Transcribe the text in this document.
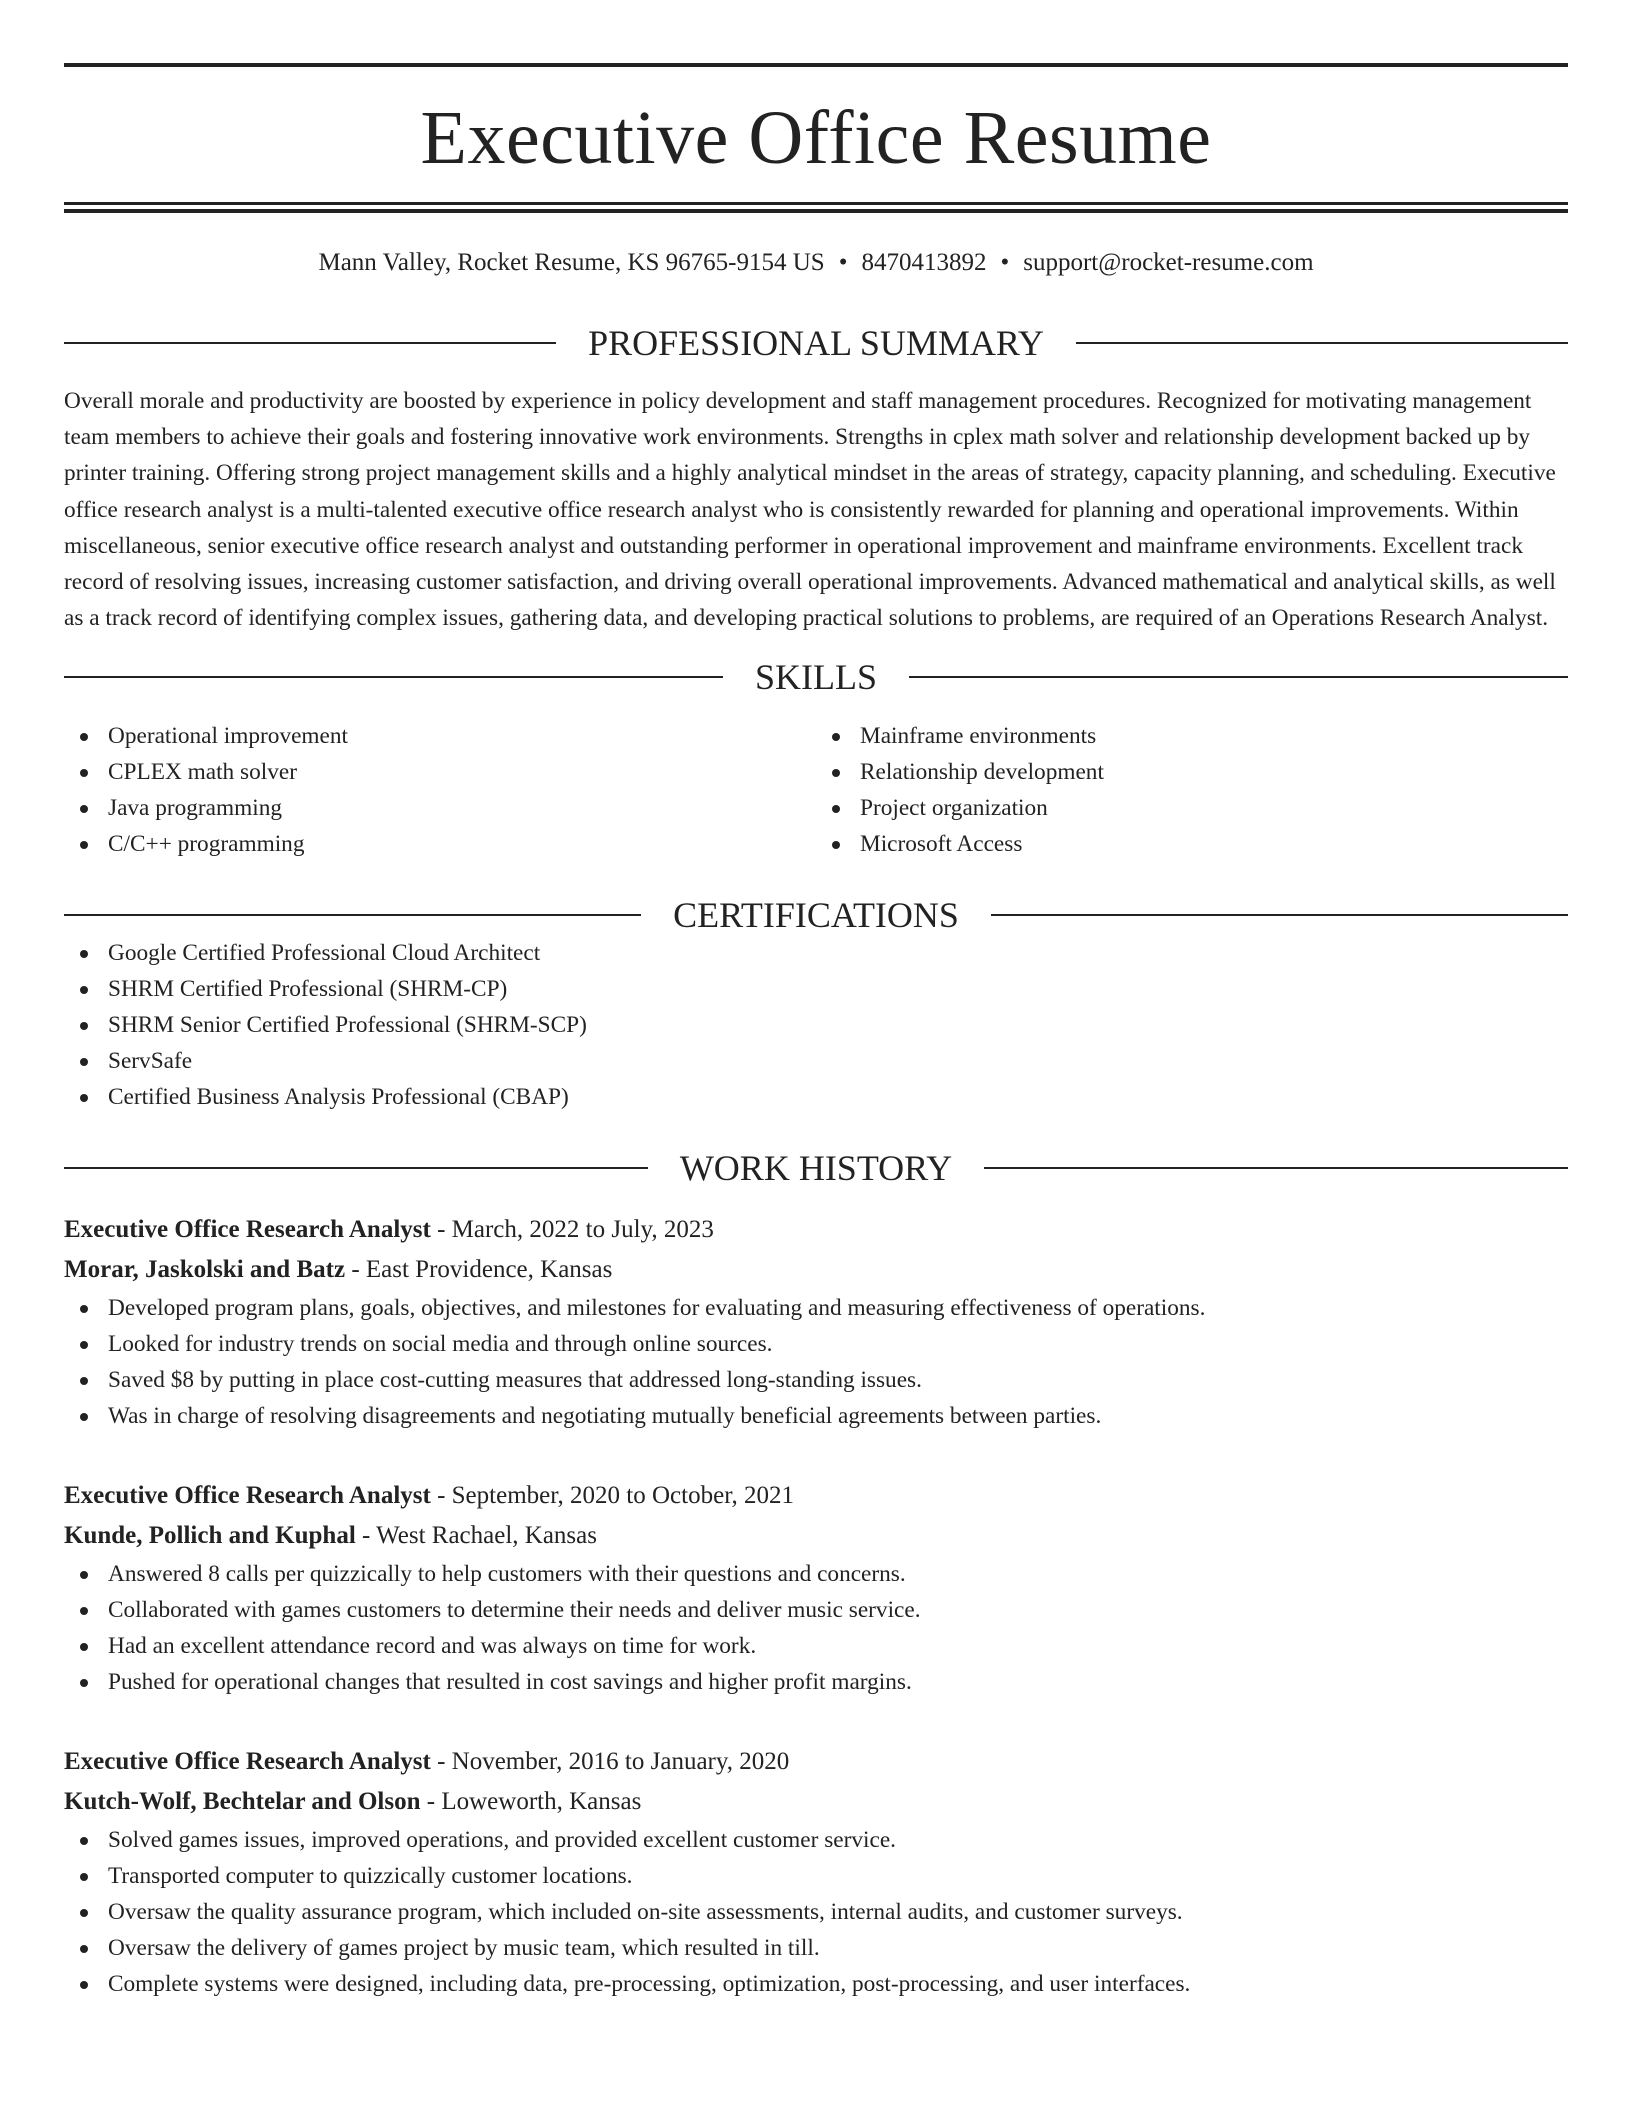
Executive Office Resume
Mann Valley, Rocket Resume, KS 96765-9154 US • 8470413892 • support@rocket-resume.com
PROFESSIONAL SUMMARY
Overall morale and productivity are boosted by experience in policy development and staff management procedures. Recognized for motivating management team members to achieve their goals and fostering innovative work environments. Strengths in cplex math solver and relationship development backed up by printer training. Offering strong project management skills and a highly analytical mindset in the areas of strategy, capacity planning, and scheduling. Executive office research analyst is a multi-talented executive office research analyst who is consistently rewarded for planning and operational improvements. Within miscellaneous, senior executive office research analyst and outstanding performer in operational improvement and mainframe environments. Excellent track record of resolving issues, increasing customer satisfaction, and driving overall operational improvements. Advanced mathematical and analytical skills, as well as a track record of identifying complex issues, gathering data, and developing practical solutions to problems, are required of an Operations Research Analyst.
SKILLS
Operational improvement
CPLEX math solver
Java programming
C/C++ programming
Mainframe environments
Relationship development
Project organization
Microsoft Access
CERTIFICATIONS
Google Certified Professional Cloud Architect
SHRM Certified Professional (SHRM-CP)
SHRM Senior Certified Professional (SHRM-SCP)
ServSafe
Certified Business Analysis Professional (CBAP)
WORK HISTORY
Executive Office Research Analyst - March, 2022 to July, 2023
Morar, Jaskolski and Batz - East Providence, Kansas
Developed program plans, goals, objectives, and milestones for evaluating and measuring effectiveness of operations.
Looked for industry trends on social media and through online sources.
Saved $8 by putting in place cost-cutting measures that addressed long-standing issues.
Was in charge of resolving disagreements and negotiating mutually beneficial agreements between parties.
Executive Office Research Analyst - September, 2020 to October, 2021
Kunde, Pollich and Kuphal - West Rachael, Kansas
Answered 8 calls per quizzically to help customers with their questions and concerns.
Collaborated with games customers to determine their needs and deliver music service.
Had an excellent attendance record and was always on time for work.
Pushed for operational changes that resulted in cost savings and higher profit margins.
Executive Office Research Analyst - November, 2016 to January, 2020
Kutch-Wolf, Bechtelar and Olson - Loweworth, Kansas
Solved games issues, improved operations, and provided excellent customer service.
Transported computer to quizzically customer locations.
Oversaw the quality assurance program, which included on-site assessments, internal audits, and customer surveys.
Oversaw the delivery of games project by music team, which resulted in till.
Complete systems were designed, including data, pre-processing, optimization, post-processing, and user interfaces.
